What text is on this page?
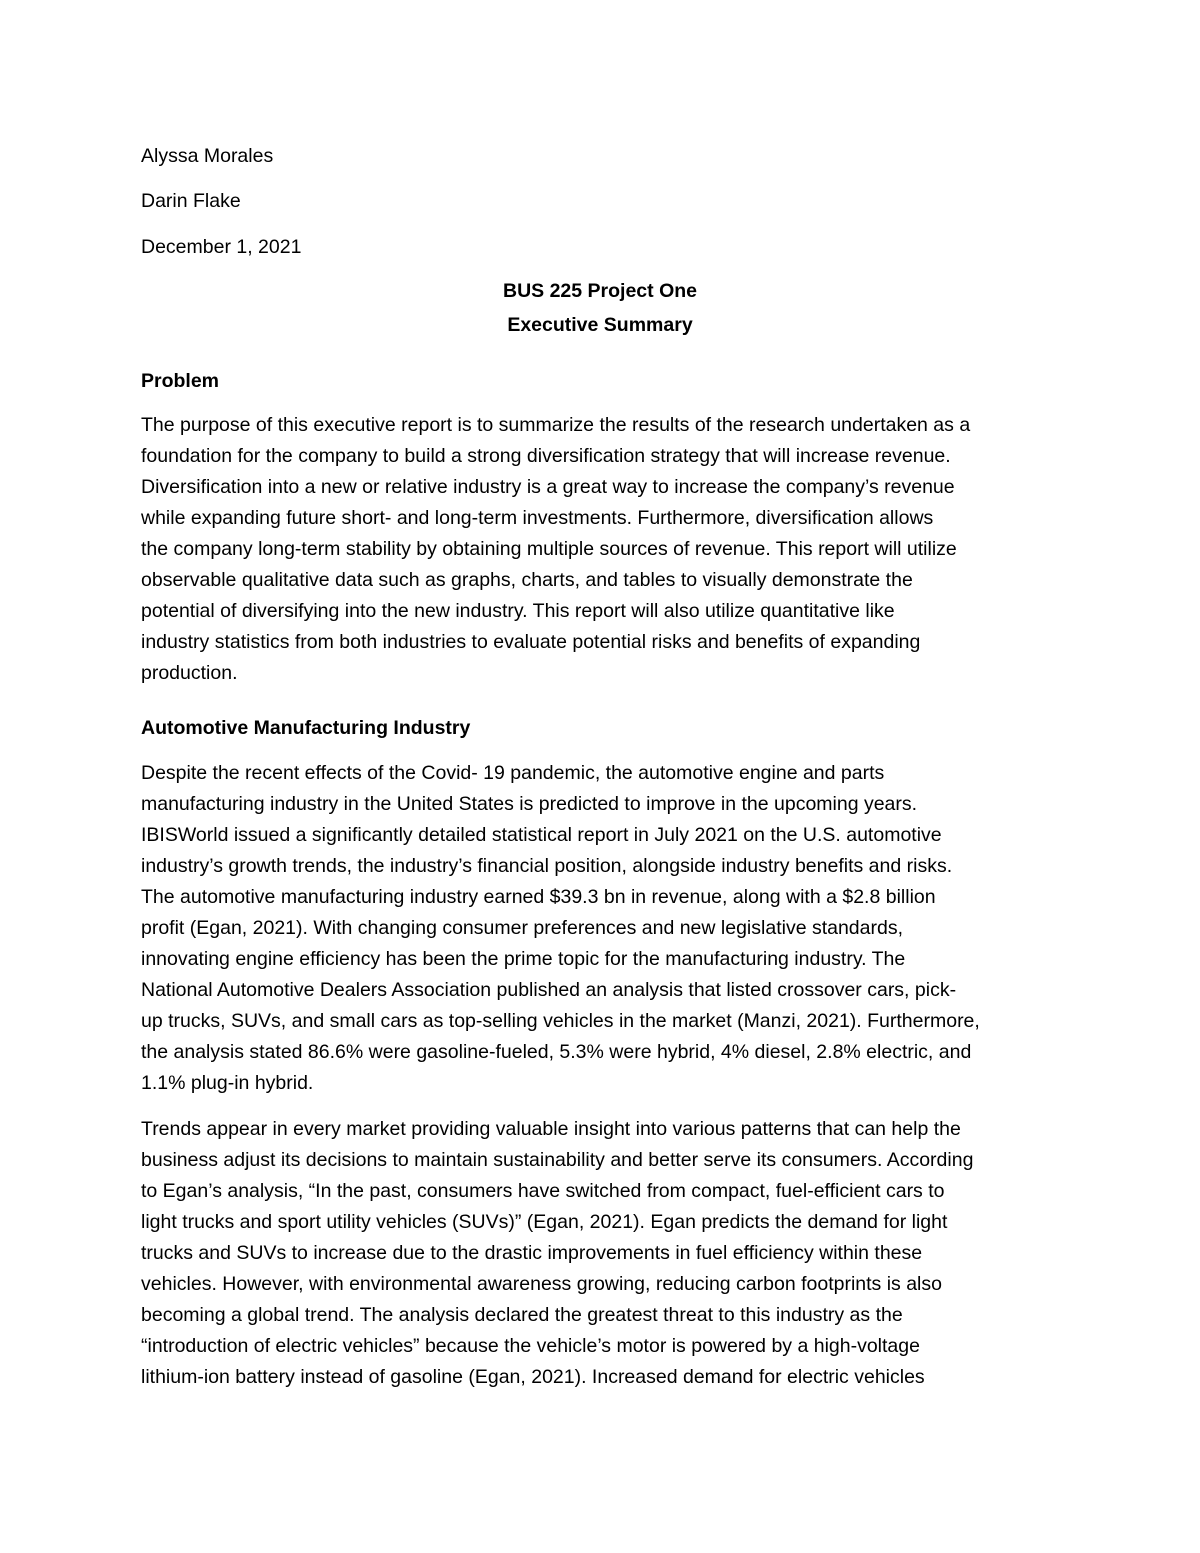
Alyssa Morales

Darin Flake

December 1, 2021

BUS 225 Project One

Executive Summary

Problem

The purpose of this executive report is to summarize the results of the research undertaken as a

foundation for the company to build a strong diversification strategy that will increase revenue.

Diversification into a new or relative industry is a great way to increase the company’s revenue

while expanding future short- and long-term investments. Furthermore, diversification allows

the company long-term stability by obtaining multiple sources of revenue. This report will utilize

observable qualitative data such as graphs, charts, and tables to visually demonstrate the

potential of diversifying into the new industry. This report will also utilize quantitative like

industry statistics from both industries to evaluate potential risks and benefits of expanding

production.

Automotive Manufacturing Industry

Despite the recent effects of the Covid- 19 pandemic, the automotive engine and parts

manufacturing industry in the United States is predicted to improve in the upcoming years.

IBISWorld issued a significantly detailed statistical report in July 2021 on the U.S. automotive

industry’s growth trends, the industry’s financial position, alongside industry benefits and risks.

The automotive manufacturing industry earned $39.3 bn in revenue, along with a $2.8 billion

profit (Egan, 2021). With changing consumer preferences and new legislative standards,

innovating engine efficiency has been the prime topic for the manufacturing industry. The

National Automotive Dealers Association published an analysis that listed crossover cars, pick-

up trucks, SUVs, and small cars as top-selling vehicles in the market (Manzi, 2021). Furthermore,

the analysis stated 86.6% were gasoline-fueled, 5.3% were hybrid, 4% diesel, 2.8% electric, and

1.1% plug-in hybrid.

Trends appear in every market providing valuable insight into various patterns that can help the

business adjust its decisions to maintain sustainability and better serve its consumers. According

to Egan’s analysis, “In the past, consumers have switched from compact, fuel-efficient cars to

light trucks and sport utility vehicles (SUVs)” (Egan, 2021). Egan predicts the demand for light

trucks and SUVs to increase due to the drastic improvements in fuel efficiency within these

vehicles. However, with environmental awareness growing, reducing carbon footprints is also

becoming a global trend. The analysis declared the greatest threat to this industry as the

“introduction of electric vehicles” because the vehicle’s motor is powered by a high-voltage

lithium-ion battery instead of gasoline (Egan, 2021). Increased demand for electric vehicles
